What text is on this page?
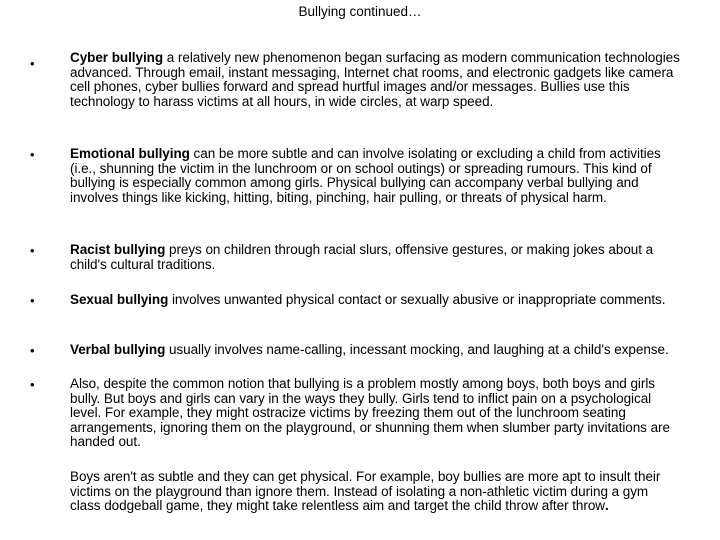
Bullying continued…
•	Cyber bullying a relatively new phenomenon began surfacing as modern communication technologies advanced. Through email, instant messaging, Internet chat rooms, and electronic gadgets like camera cell phones, cyber bullies forward and spread hurtful images and/or messages. Bullies use this technology to harass victims at all hours, in wide circles, at warp speed.
•	Emotional bullying can be more subtle and can involve isolating or excluding a child from activities (i.e., shunning the victim in the lunchroom or on school outings) or spreading rumours. This kind of bullying is especially common among girls. Physical bullying can accompany verbal bullying and involves things like kicking, hitting, biting, pinching, hair pulling, or threats of physical harm.
•	Racist bullying preys on children through racial slurs, offensive gestures, or making jokes about a child's cultural traditions.
•	Sexual bullying involves unwanted physical contact or sexually abusive or inappropriate comments.
•	Verbal bullying usually involves name-calling, incessant mocking, and laughing at a child's expense.
•	Also, despite the common notion that bullying is a problem mostly among boys, both boys and girls bully. But boys and girls can vary in the ways they bully. Girls tend to inflict pain on a psychological level. For example, they might ostracize victims by freezing them out of the lunchroom seating arrangements, ignoring them on the playground, or shunning them when slumber party invitations are handed out.
Boys aren't as subtle and they can get physical. For example, boy bullies are more apt to insult their victims on the playground than ignore them. Instead of isolating a non-athletic victim during a gym class dodgeball game, they might take relentless aim and target the child throw after throw.
